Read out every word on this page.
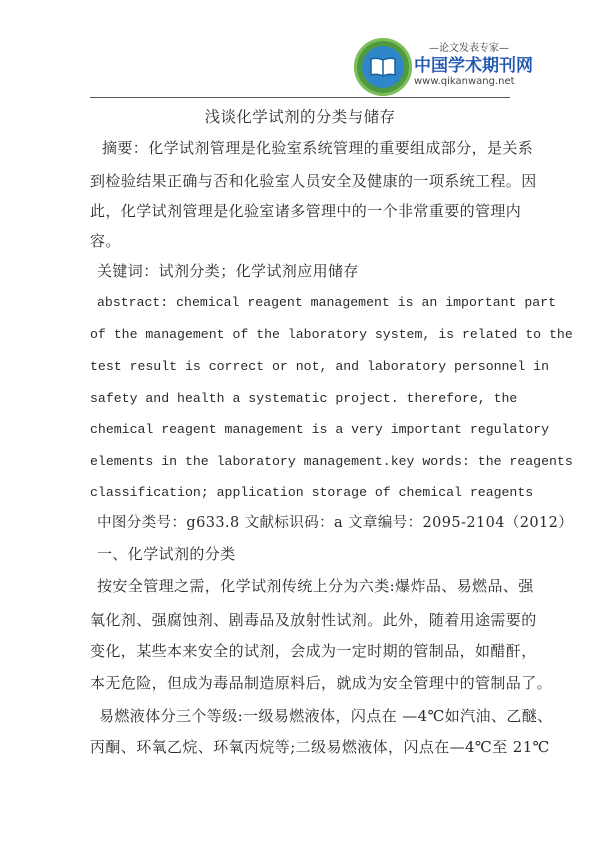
—论文发表专家—
中国学术期刊网
www.qikanwang.net
浅谈化学试剂的分类与储存
摘要：化学试剂管理是化验室系统管理的重要组成部分，是关系
到检验结果正确与否和化验室人员安全及健康的一项系统工程。因
此，化学试剂管理是化验室诸多管理中的一个非常重要的管理内
容。
关键词：试剂分类；化学试剂应用储存
abstract: chemical reagent management is an important part
of the management of the laboratory system, is related to the
test result is correct or not, and laboratory personnel in
safety and health a systematic project. therefore, the
chemical reagent management is a very important regulatory
elements in the laboratory management.key words: the reagents
classification; application storage of chemical reagents
中图分类号：g633.8 文献标识码：a 文章编号：2095-2104（2012）
一、化学试剂的分类
按安全管理之需，化学试剂传统上分为六类:爆炸品、易燃品、强
氧化剂、强腐蚀剂、剧毒品及放射性试剂。此外，随着用途需要的
变化，某些本来安全的试剂，会成为一定时期的管制品，如醋酐，
本无危险，但成为毒品制造原料后，就成为安全管理中的管制品了。
易燃液体分三个等级:一级易燃液体，闪点在 —4℃如汽油、乙醚、
丙酮、环氧乙烷、环氧丙烷等;二级易燃液体，闪点在—4℃至 21℃
